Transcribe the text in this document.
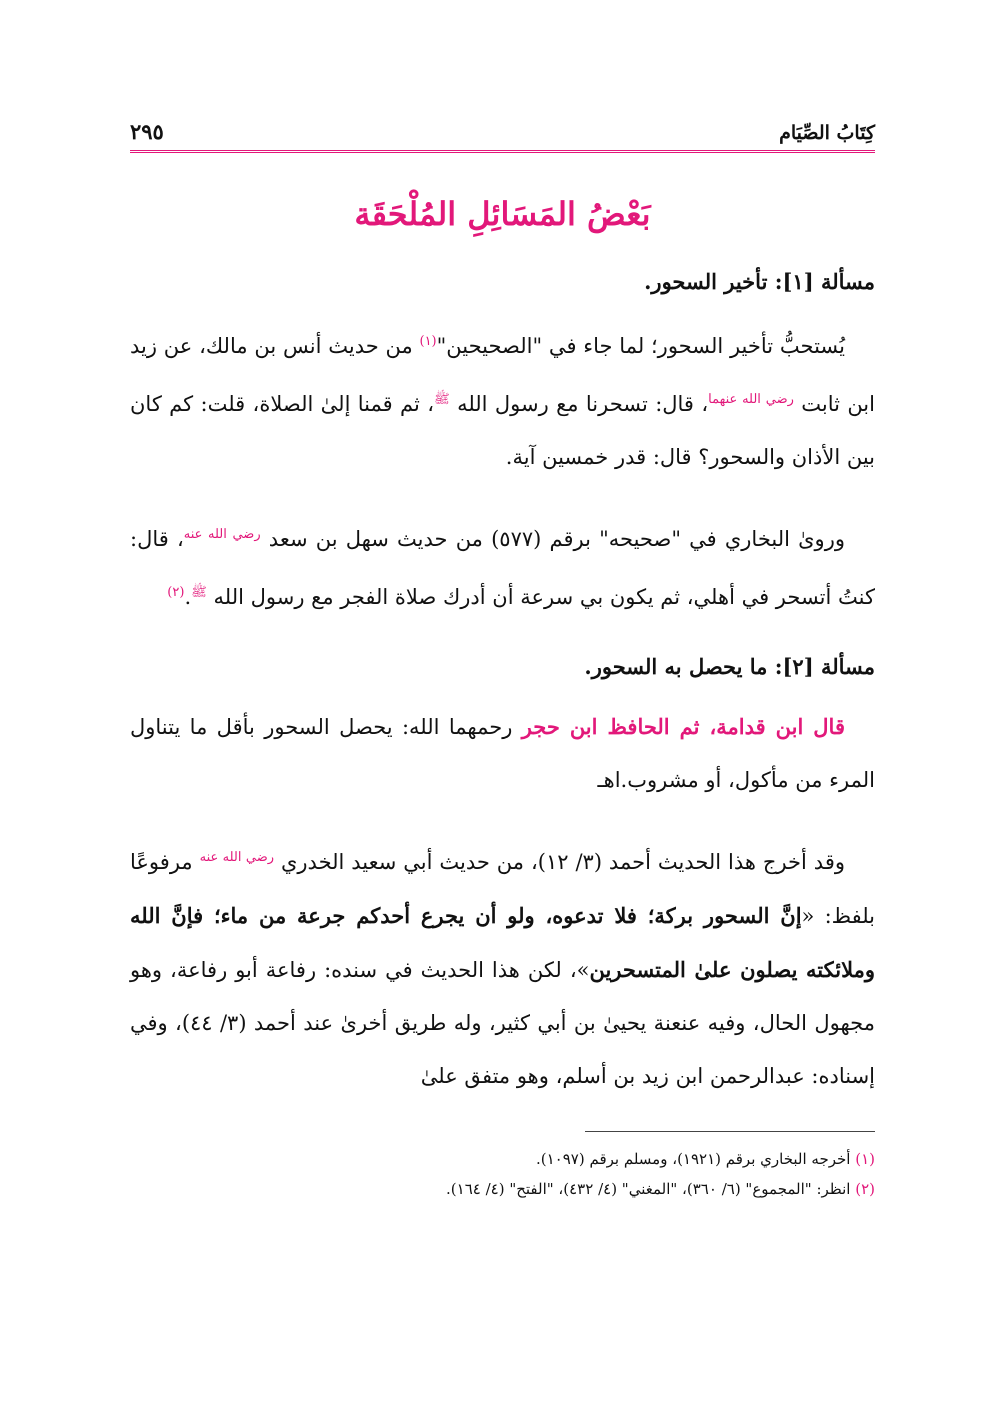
كِتَابُ الصِّيَام
٢٩٥
بَعْضُ المَسَائِلِ المُلْحَقَة
مسألة [١]: تأخير السحور.

يُستحبُّ تأخير السحور؛ لما جاء في "الصحيحين"$^{(١)}$ من حديث أنس بن مالك، عن زيد ابن ثابت $^{رضي الله عنهما}$، قال: تسحرنا مع رسول الله $^ﷺ$، ثم قمنا إلىٰ الصلاة، قلت: كم كان بين الأذان والسحور؟ قال: قدر خمسين آية.

ورویٰ البخاري في "صحيحه" برقم (٥٧٧) من حديث سهل بن سعد $^{رضي الله عنه}$، قال: كنتُ أتسحر في أهلي، ثم يكون بي سرعة أن أدرك صلاة الفجر مع رسول الله $^ﷺ$.$^{(٢)}$

مسألة [٢]: ما يحصل به السحور.

قال ابن قدامة، ثم الحافظ ابن حجر رحمهما الله: يحصل السحور بأقل ما يتناول المرء من مأكول، أو مشروب.اهـ

وقد أخرج هذا الحديث أحمد (٣/ ١٢)، من حديث أبي سعيد الخدري $^{رضي الله عنه}$ مرفوعًا بلفظ: «إنَّ السحور بركة؛ فلا تدعوه، ولو أن يجرع أحدكم جرعة من ماء؛ فإنَّ الله وملائكته يصلون علىٰ المتسحرين»، لكن هذا الحديث في سنده: رفاعة أبو رفاعة، وهو مجهول الحال، وفيه عنعنة يحيىٰ بن أبي كثير، وله طريق أخرىٰ عند أحمد (٣/ ٤٤)، وفي إسناده: عبدالرحمن ابن زيد بن أسلم، وهو متفق علىٰ

(١) أخرجه البخاري برقم (١٩٢١)، ومسلم برقم (١٠٩٧).
(٢) انظر: "المجموع" (٦/ ٣٦٠)، "المغني" (٤/ ٤٣٢)، "الفتح" (٤/ ١٦٤).
